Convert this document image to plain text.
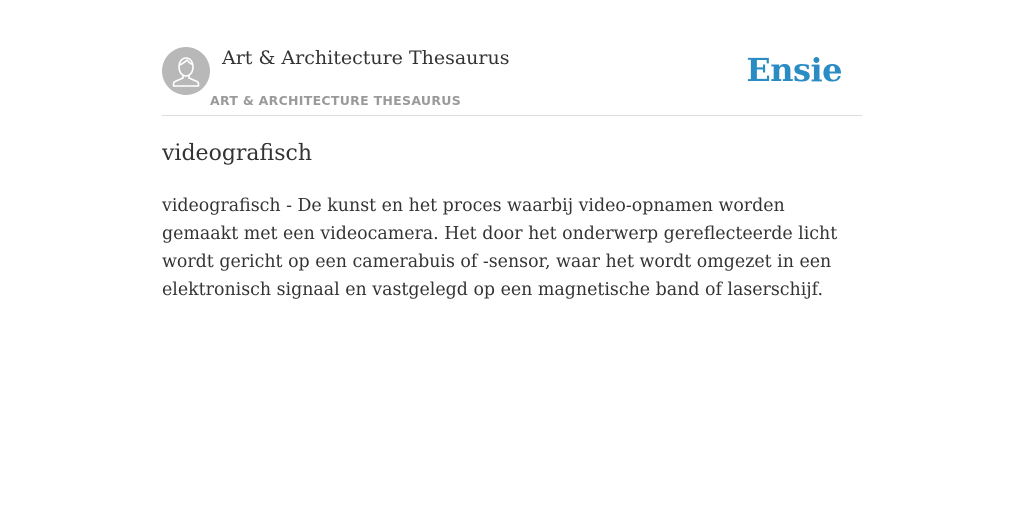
Art & Architecture Thesaurus
ART & ARCHITECTURE THESAURUS
Ensie
videografisch

videografisch - De kunst en het proces waarbij video-opnamen worden gemaakt met een videocamera. Het door het onderwerp gereflecteerde licht wordt gericht op een camerabuis of -sensor, waar het wordt omgezet in een elektronisch signaal en vastgelegd op een magnetische band of laserschijf.
